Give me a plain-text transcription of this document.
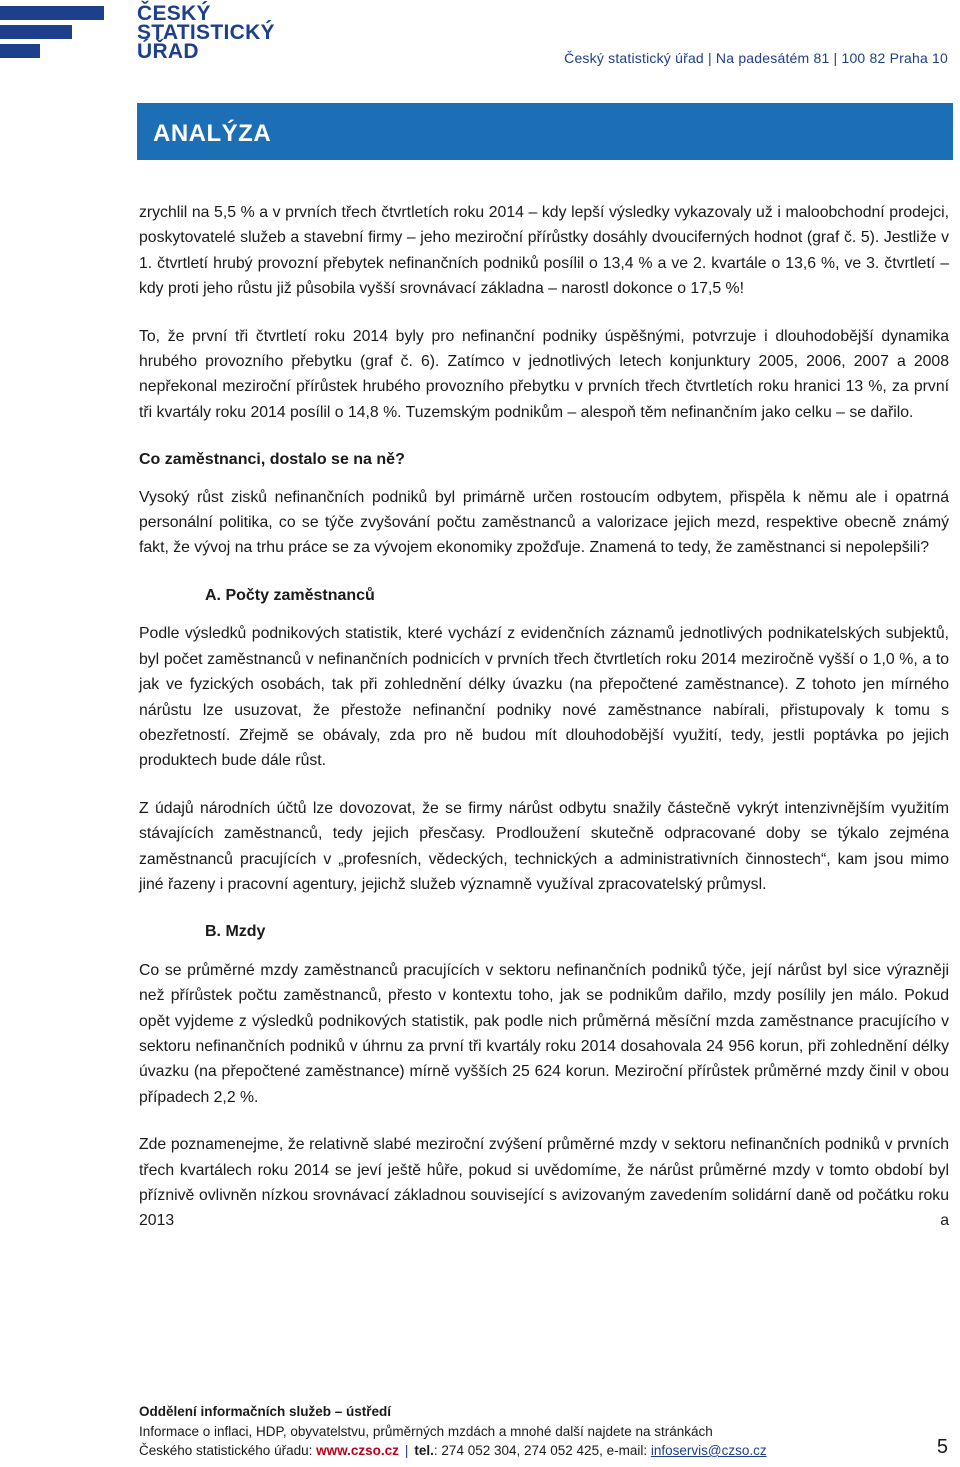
ČESKÝ
STATISTICKÝ
ÚŘAD	Český statistický úřad | Na padesátém 81 | 100 82 Praha 10
ANALÝZA

zrychlil na 5,5 % a v prvních třech čtvrtletích roku 2014 – kdy lepší výsledky vykazovaly už i maloobchodní prodejci, poskytovatelé služeb a stavební firmy – jeho meziroční přírůstky dosáhly dvouciferných hodnot (graf č. 5). Jestliže v 1. čtvrtletí hrubý provozní přebytek nefinančních podniků posílil o 13,4 % a ve 2. kvartále o 13,6 %, ve 3. čtvrtletí – kdy proti jeho růstu již působila vyšší srovnávací základna – narostl dokonce o 17,5 %!

To, že první tři čtvrtletí roku 2014 byly pro nefinanční podniky úspěšnými, potvrzuje i dlouhodobější dynamika hrubého provozního přebytku (graf č. 6). Zatímco v jednotlivých letech konjunktury 2005, 2006, 2007 a 2008 nepřekonal meziroční přírůstek hrubého provozního přebytku v prvních třech čtvrtletích roku hranici 13 %, za první tři kvartály roku 2014 posílil o 14,8 %. Tuzemským podnikům – alespoň těm nefinančním jako celku – se dařilo.

Co zaměstnanci, dostalo se na ně?

Vysoký růst zisků nefinančních podniků byl primárně určen rostoucím odbytem, přispěla k němu ale i opatrná personální politika, co se týče zvyšování počtu zaměstnanců a valorizace jejich mezd, respektive obecně známý fakt, že vývoj na trhu práce se za vývojem ekonomiky zpožďuje. Znamená to tedy, že zaměstnanci si nepolepšili?

A. Počty zaměstnanců

Podle výsledků podnikových statistik, které vychází z evidenčních záznamů jednotlivých podnikatelských subjektů, byl počet zaměstnanců v nefinančních podnicích v prvních třech čtvrtletích roku 2014 meziročně vyšší o 1,0 %, a to jak ve fyzických osobách, tak při zohlednění délky úvazku (na přepočtené zaměstnance). Z tohoto jen mírného nárůstu lze usuzovat, že přestože nefinanční podniky nové zaměstnance nabírali, přistupovaly k tomu s obezřetností. Zřejmě se obávaly, zda pro ně budou mít dlouhodobější využití, tedy, jestli poptávka po jejich produktech bude dále růst.

Z údajů národních účtů lze dovozovat, že se firmy nárůst odbytu snažily částečně vykrýt intenzivnějším využitím stávajících zaměstnanců, tedy jejich přesčasy. Prodloužení skutečně odpracované doby se týkalo zejména zaměstnanců pracujících v „profesních, vědeckých, technických a administrativních činnostech“, kam jsou mimo jiné řazeny i pracovní agentury, jejichž služeb významně využíval zpracovatelský průmysl.

B. Mzdy

Co se průměrné mzdy zaměstnanců pracujících v sektoru nefinančních podniků týče, její nárůst byl sice výrazněji než přírůstek počtu zaměstnanců, přesto v kontextu toho, jak se podnikům dařilo, mzdy posílily jen málo. Pokud opět vyjdeme z výsledků podnikových statistik, pak podle nich průměrná měsíční mzda zaměstnance pracujícího v sektoru nefinančních podniků v úhrnu za první tři kvartály roku 2014 dosahovala 24 956 korun, při zohlednění délky úvazku (na přepočtené zaměstnance) mírně vyšších 25 624 korun. Meziroční přírůstek průměrné mzdy činil v obou případech 2,2 %.

Zde poznamenejme, že relativně slabé meziroční zvýšení průměrné mzdy v sektoru nefinančních podniků v prvních třech kvartálech roku 2014 se jeví ještě hůře, pokud si uvědomíme, že nárůst průměrné mzdy v tomto období byl příznivě ovlivněn nízkou srovnávací základnou související s avizovaným zavedením solidární daně od počátku roku 2013 a

Oddělení informačních služeb – ústředí
Informace o inflaci, HDP, obyvatelstvu, průměrných mzdách a mnohé další najdete na stránkách
Českého statistického úřadu: www.czso.cz | tel.: 274 052 304, 274 052 425, e-mail: infoservis@czso.cz	5
